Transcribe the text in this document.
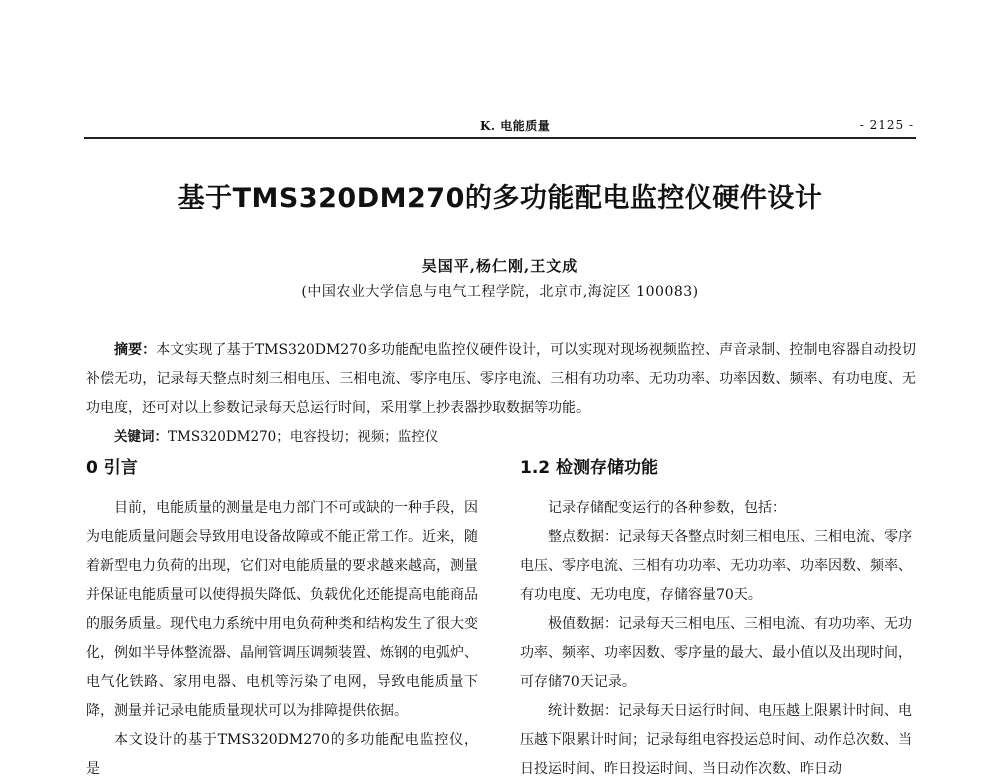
K. 电能质量	- 2125 -
基于TMS320DM270的多功能配电监控仪硬件设计
吴国平,杨仁刚,王文成
(中国农业大学信息与电气工程学院，北京市,海淀区 100083)
摘要：本文实现了基于TMS320DM270多功能配电监控仪硬件设计，可以实现对现场视频监控、声音录制、控制电容器自动投切补偿无功，记录每天整点时刻三相电压、三相电流、零序电压、零序电流、三相有功功率、无功功率、功率因数、频率、有功电度、无功电度，还可对以上参数记录每天总运行时间，采用掌上抄表器抄取数据等功能。
关键词：TMS320DM270；电容投切；视频；监控仪
0 引言

目前，电能质量的测量是电力部门不可或缺的一种手段，因为电能质量问题会导致用电设备故障或不能正常工作。近来，随着新型电力负荷的出现，它们对电能质量的要求越来越高，测量并保证电能质量可以使得损失降低、负载优化还能提高电能商品的服务质量。现代电力系统中用电负荷种类和结构发生了很大变化，例如半导体整流器、晶闸管调压调频装置、炼钢的电弧炉、电气化铁路、家用电器、电机等污染了电网，导致电能质量下降，测量并记录电能质量现状可以为排障提供依据。

本文设计的基于TMS320DM270的多功能配电监控仪，是

1.2 检测存储功能

记录存储配变运行的各种参数，包括：

整点数据：记录每天各整点时刻三相电压、三相电流、零序电压、零序电流、三相有功功率、无功功率、功率因数、频率、有功电度、无功电度，存储容量70天。

极值数据：记录每天三相电压、三相电流、有功功率、无功功率、频率、功率因数、零序量的最大、最小值以及出现时间，可存储70天记录。

统计数据：记录每天日运行时间、电压越上限累计时间、电压越下限累计时间；记录每组电容投运总时间、动作总次数、当日投运时间、昨日投运时间、当日动作次数、昨日动
